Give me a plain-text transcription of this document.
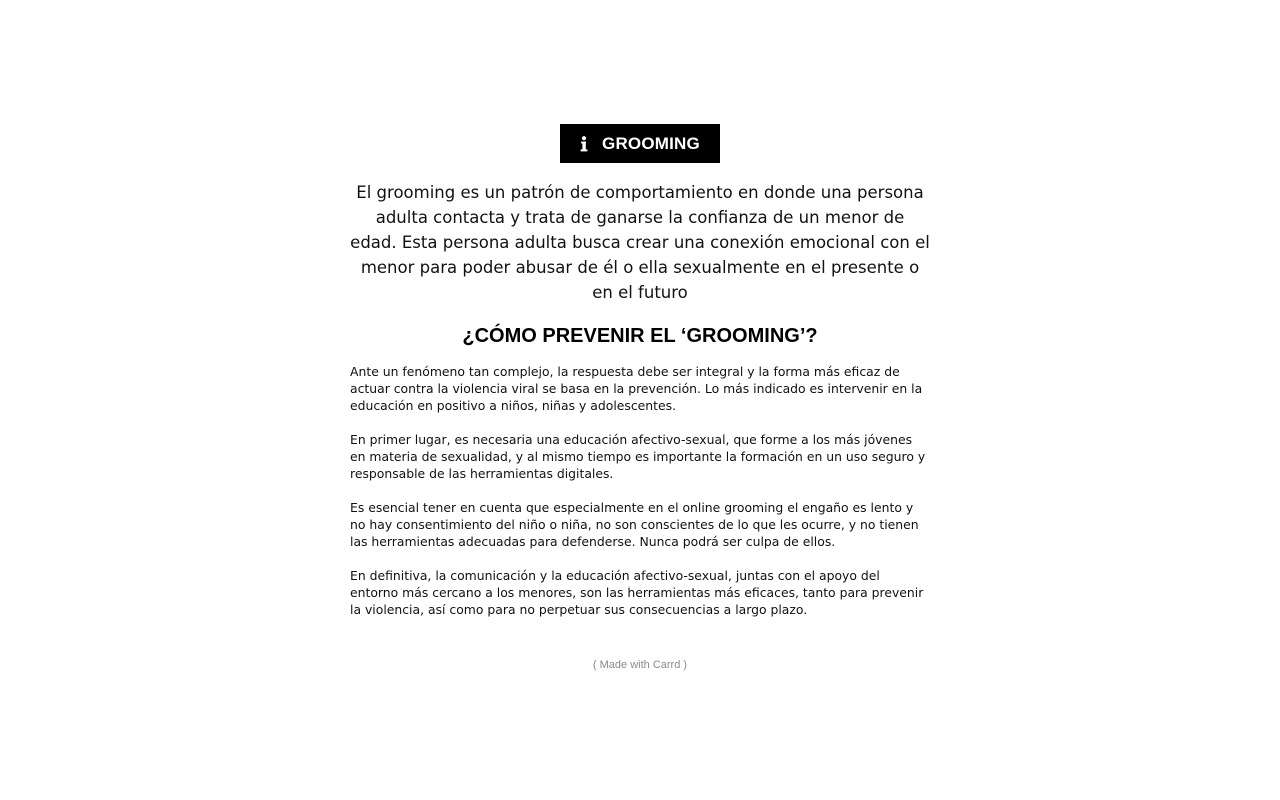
GROOMING

El grooming es un patrón de comportamiento en donde una persona adulta contacta y trata de ganarse la confianza de un menor de edad. Esta persona adulta busca crear una conexión emocional con el menor para poder abusar de él o ella sexualmente en el presente o en el futuro

¿CÓMO PREVENIR EL ‘GROOMING’?

Ante un fenómeno tan complejo, la respuesta debe ser integral y la forma más eficaz de actuar contra la violencia viral se basa en la prevención. Lo más indicado es intervenir en la educación en positivo a niños, niñas y adolescentes.

En primer lugar, es necesaria una educación afectivo-sexual, que forme a los más jóvenes en materia de sexualidad, y al mismo tiempo es importante la formación en un uso seguro y responsable de las herramientas digitales.

Es esencial tener en cuenta que especialmente en el online grooming el engaño es lento y no hay consentimiento del niño o niña, no son conscientes de lo que les ocurre, y no tienen las herramientas adecuadas para defenderse. Nunca podrá ser culpa de ellos.

En definitiva, la comunicación y la educación afectivo-sexual, juntas con el apoyo del entorno más cercano a los menores, son las herramientas más eficaces, tanto para prevenir la violencia, así como para no perpetuar sus consecuencias a largo plazo.

( Made with Carrd )
